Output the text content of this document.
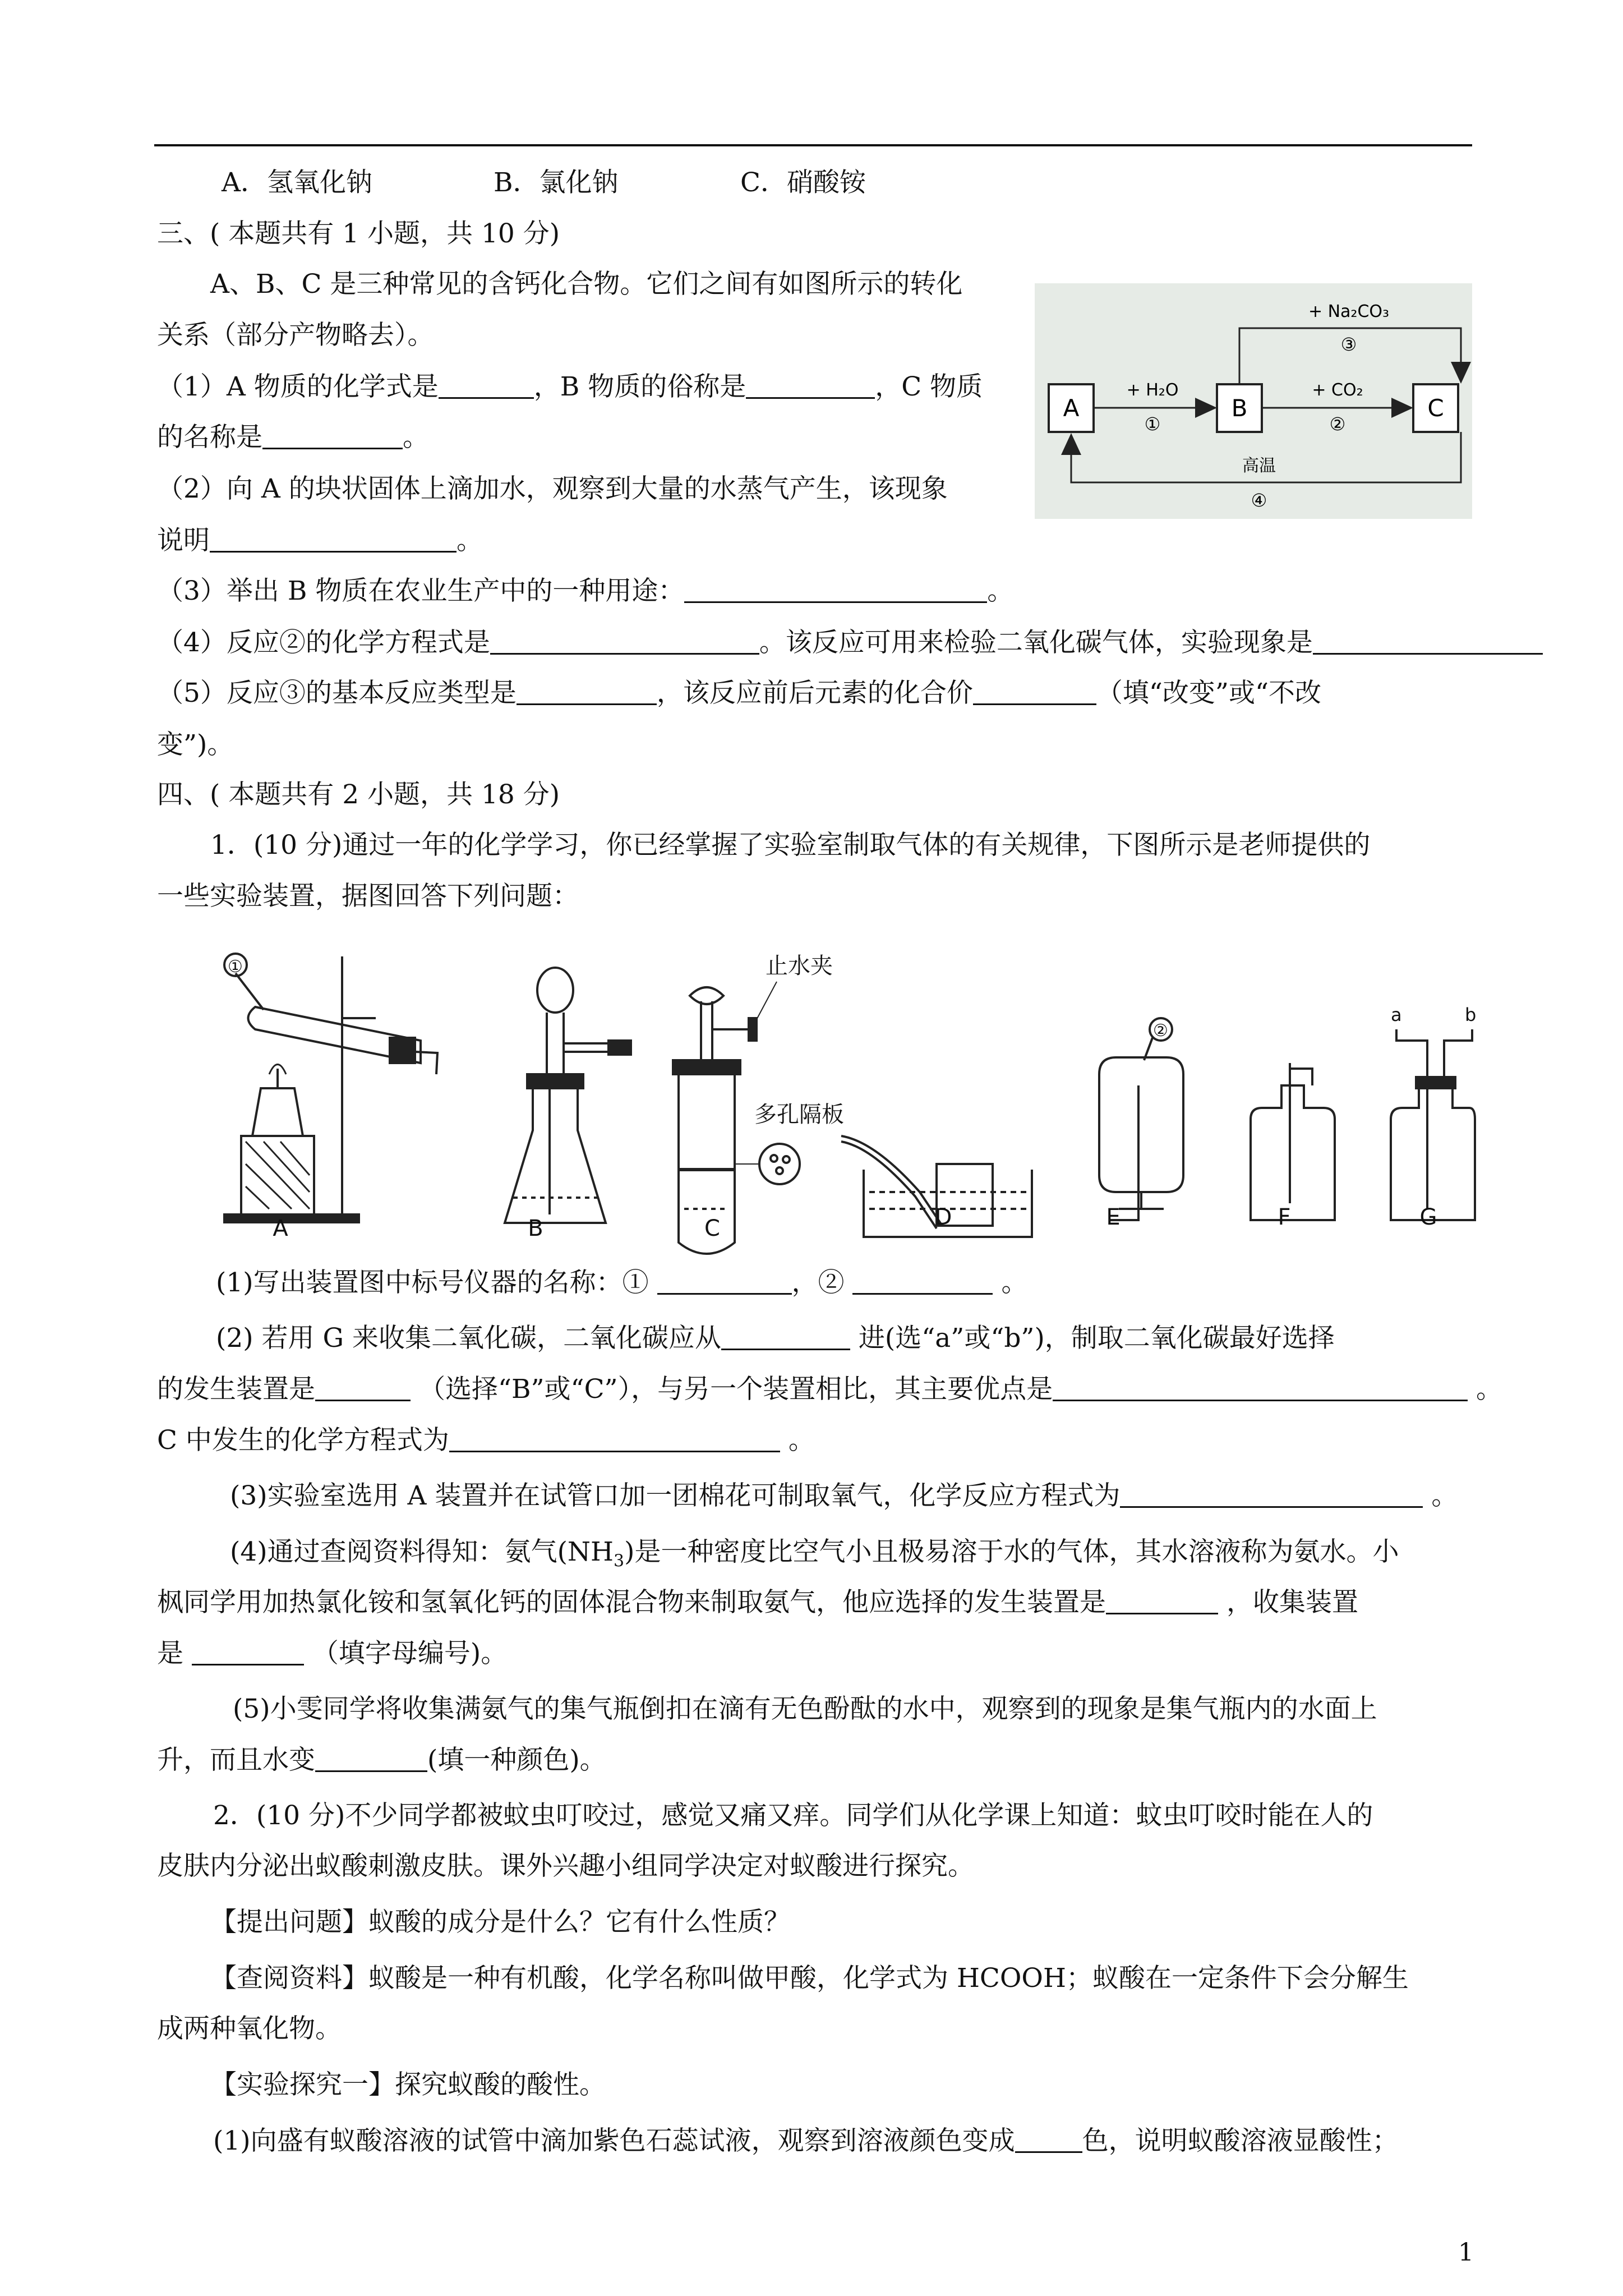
A．氢氧化钠	B．氯化钠	C．硝酸铵
三、( 本题共有 1 小题，共 10 分)
A、B、C 是三种常见的含钙化合物。它们之间有如图所示的转化
关系（部分产物略去）。
（1）A 物质的化学式是	，B 物质的俗称是	，C 物质
的名称是	。
（2）向 A 的块状固体上滴加水，观察到大量的水蒸气产生，该现象
说明	。
（3）举出 B 物质在农业生产中的一种用途：	。
（4）反应②的化学方程式是	。该反应可用来检验二氧化碳气体，实验现象是
（5）反应③的基本反应类型是	，该反应前后元素的化合价	（填“改变”或“不改
变”)。
A	B	C
+ H₂O
①
+ CO₂
②
+ Na₂CO₃
③
高温
④
四、( 本题共有 2 小题，共 18 分)
1．(10 分)通过一年的化学学习，你已经掌握了实验室制取气体的有关规律，下图所示是老师提供的
一些实验装置，据图回答下列问题：
A	B	C	D	E	F	G
①
②
止水夹
多孔隔板
a	b
(1)写出装置图中标号仪器的名称：①	，②	。
(2) 若用 G 来收集二氧化碳，二氧化碳应从	进(选“a”或“b”)，制取二氧化碳最好选择
的发生装置是	（选择“B”或“C”），与另一个装置相比，其主要优点是	。
C 中发生的化学方程式为	。
(3)实验室选用 A 装置并在试管口加一团棉花可制取氧气，化学反应方程式为	。
(4)通过查阅资料得知：氨气$(NH_3)$是一种密度比空气小且极易溶于水的气体，其水溶液称为氨水。小
枫同学用加热氯化铵和氢氧化钙的固体混合物来制取氨气，他应选择的发生装置是	，收集装置
是	（填字母编号)。
(5)小雯同学将收集满氨气的集气瓶倒扣在滴有无色酚酞的水中，观察到的现象是集气瓶内的水面上
升，而且水变	(填一种颜色)。
2．(10 分)不少同学都被蚊虫叮咬过，感觉又痛又痒。同学们从化学课上知道：蚊虫叮咬时能在人的
皮肤内分泌出蚁酸刺激皮肤。课外兴趣小组同学决定对蚁酸进行探究。
【提出问题】蚁酸的成分是什么？它有什么性质？
【查阅资料】蚁酸是一种有机酸，化学名称叫做甲酸，化学式为 HCOOH；蚁酸在一定条件下会分解生
成两种氧化物。
【实验探究一】探究蚁酸的酸性。
(1)向盛有蚁酸溶液的试管中滴加紫色石蕊试液，观察到溶液颜色变成	色，说明蚁酸溶液显酸性；
1
